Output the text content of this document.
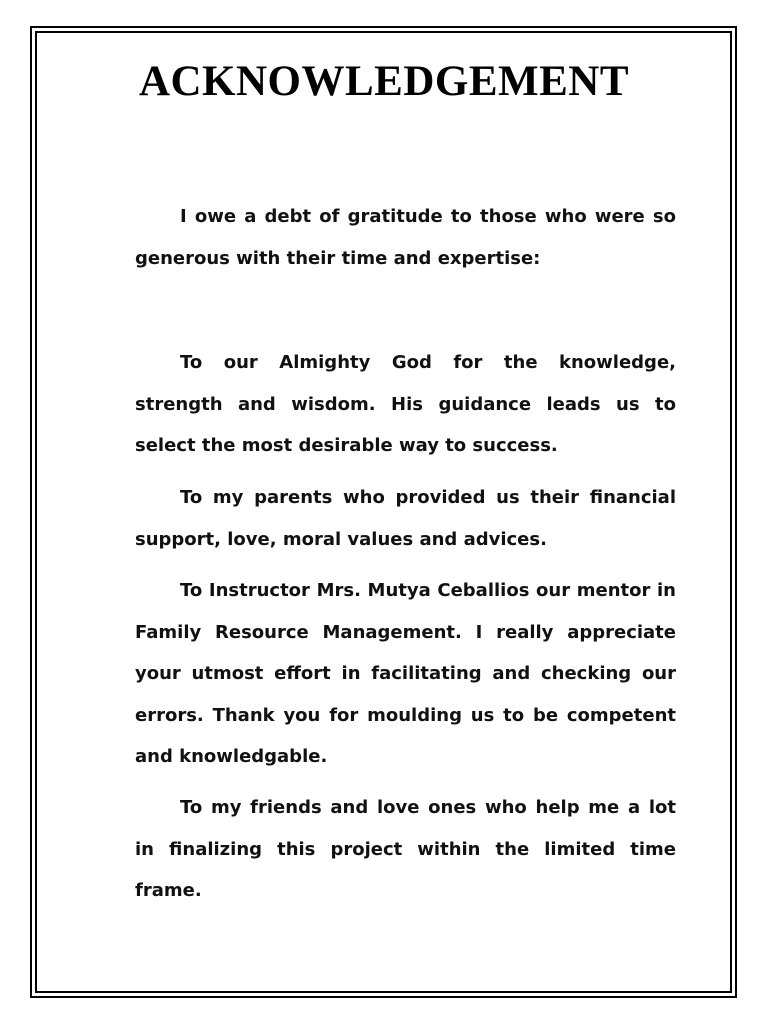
ACKNOWLEDGEMENT

I owe a debt of gratitude to those who were so generous with their time and expertise:

To our Almighty God for the knowledge, strength and wisdom. His guidance leads us to select the most desirable way to success.

To my parents who provided us their financial support, love, moral values and advices.

To Instructor Mrs. Mutya Ceballios our mentor in Family Resource Management. I really appreciate your utmost effort in facilitating and checking our errors. Thank you for moulding us to be competent and knowledgable.

To my friends and love ones who help me a lot in finalizing this project within the limited time frame.
